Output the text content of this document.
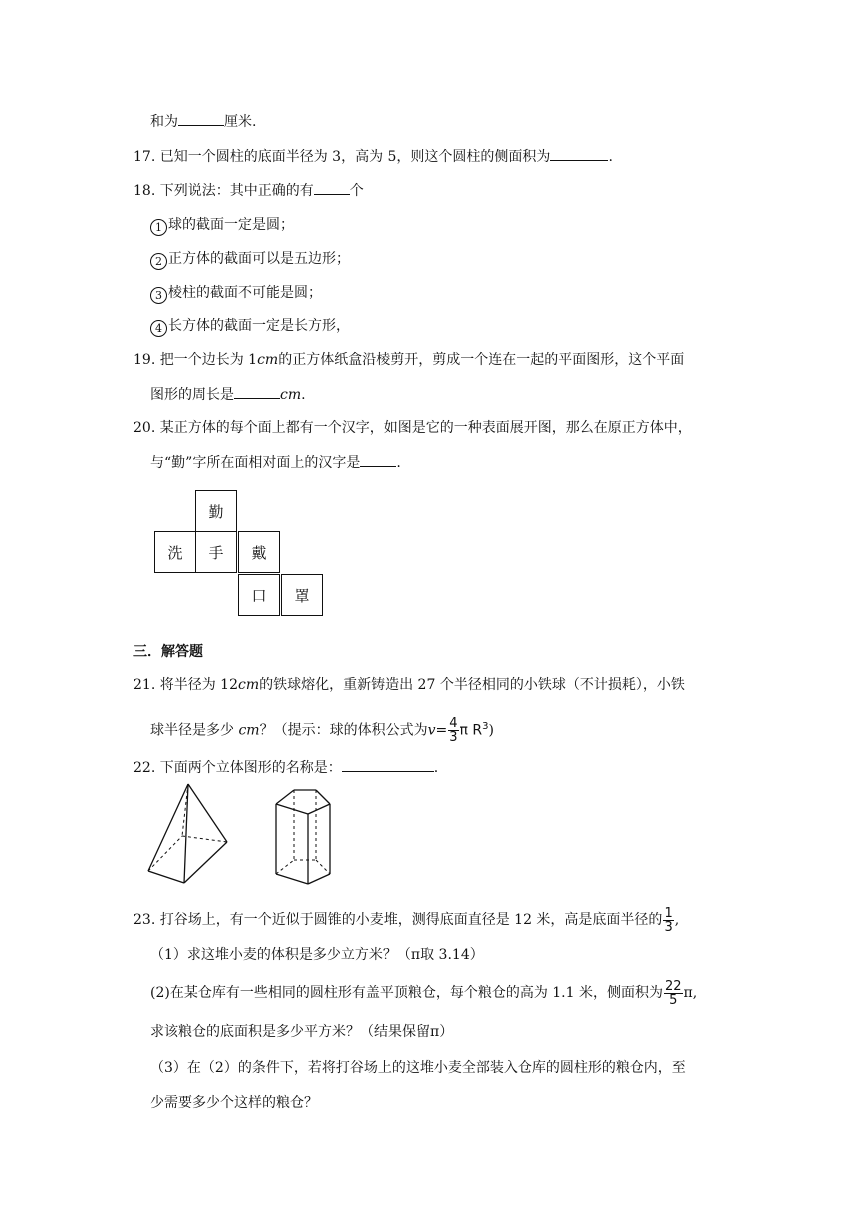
和为	厘米.
17. 已知一个圆柱的底面半径为 3，高为 5，则这个圆柱的侧面积为	.
18. 下列说法：其中正确的有	个
1 球的截面一定是圆；
2 正方体的截面可以是五边形；
3 棱柱的截面不可能是圆；
4 长方体的截面一定是长方形，
19. 把一个边长为 1cm的正方体纸盒沿棱剪开，剪成一个连在一起的平面图形，这个平面
图形的周长是	cm.
20. 某正方体的每个面上都有一个汉字，如图是它的一种表面展开图，那么在原正方体中，
与“勤”字所在面相对面上的汉字是	.
勤
洗	手	戴
口	罩
三．解答题
21. 将半径为 12cm的铁球熔化，重新铸造出 27 个半径相同的小铁球（不计损耗），小铁
球半径是多少 cm？（提示：球的体积公式为$v= \frac{4}{3}$ π $R^3$)
22. 下面两个立体图形的名称是：	.
23. 打谷场上，有一个近似于圆锥的小麦堆，测得底面直径是 12 米，高是底面半径的 $\frac{1}{3}$ ,
（1）求这堆小麦的体积是多少立方米？（π取 3.14）
(2)在某仓库有一些相同的圆柱形有盖平顶粮仓，每个粮仓的高为 1.1 米，侧面积为 $\frac{22}{5} \pi$,
求该粮仓的底面积是多少平方米？（结果保留π）
（3）在（2）的条件下，若将打谷场上的这堆小麦全部装入仓库的圆柱形的粮仓内，至
少需要多少个这样的粮仓？
